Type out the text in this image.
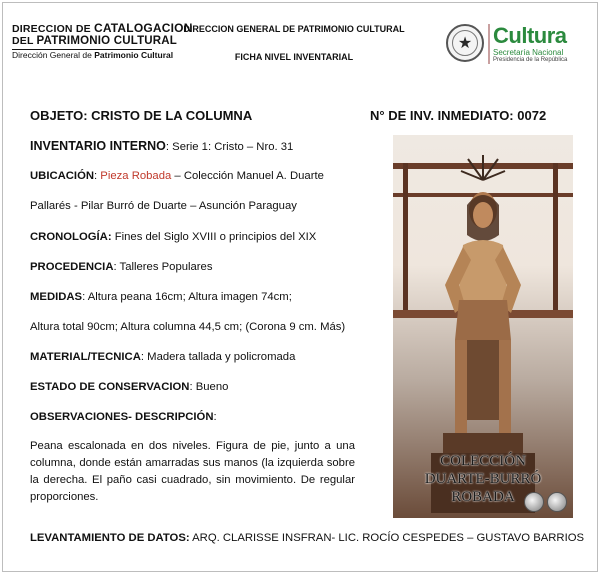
DIRECCION DE CATALOGACION
DEL PATRIMONIO CULTURAL
Dirección General de Patrimonio Cultural
DIRECCION GENERAL DE PATRIMONIO CULTURAL
FICHA NIVEL INVENTARIAL
★ Cultura
Secretaría Nacional
Presidencia de la República
OBJETO: CRISTO DE LA COLUMNA	N° DE INV. INMEDIATO: 0072
INVENTARIO INTERNO: Serie 1: Cristo – Nro. 31
UBICACIÓN: Pieza Robada – Colección Manuel A. Duarte
Pallarés - Pilar Burró de Duarte – Asunción Paraguay
CRONOLOGÍA: Fines del Siglo XVIII o principios del XIX
PROCEDENCIA: Talleres Populares
MEDIDAS: Altura peana 16cm; Altura imagen 74cm;
Altura total 90cm; Altura columna 44,5 cm; (Corona 9 cm. Más)
MATERIAL/TECNICA: Madera tallada y policromada
ESTADO DE CONSERVACION: Bueno
OBSERVACIONES- DESCRIPCIÓN:
Peana escalonada en dos niveles. Figura de pie, junto a una columna, donde están amarradas sus manos (la izquierda sobre la derecha. El paño casi cuadrado, sin movimiento. De regular proporciones.
LEVANTAMIENTO DE DATOS: ARQ. CLARISSE INSFRAN- LIC. ROCÍO CESPEDES – GUSTAVO BARRIOS
COLECCIÓN
DUARTE-BURRÓ
ROBADA
